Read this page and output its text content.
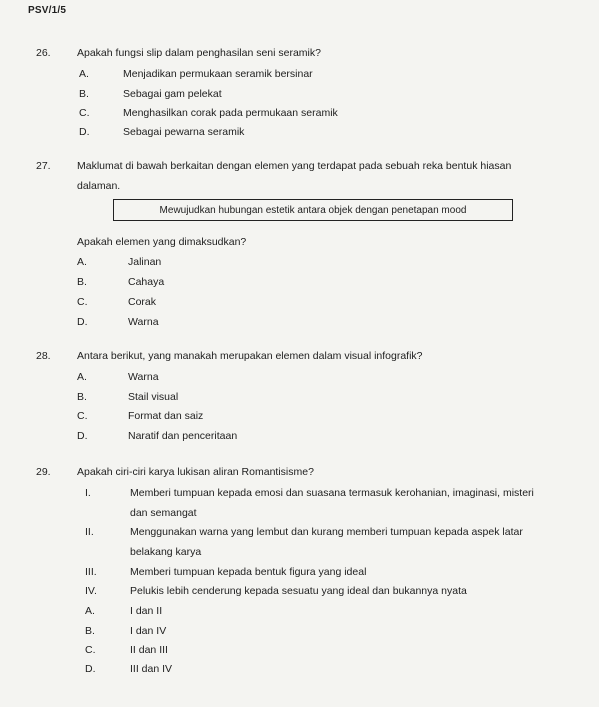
PSV/1/5
26.	Apakah fungsi slip dalam penghasilan seni seramik?
A.	Menjadikan permukaan seramik bersinar
B.	Sebagai gam pelekat
C.	Menghasilkan corak pada permukaan seramik
D.	Sebagai pewarna seramik
27.	Maklumat di bawah berkaitan dengan elemen yang terdapat pada sebuah reka bentuk hiasan
dalaman.
Mewujudkan hubungan estetik antara objek dengan penetapan mood
Apakah elemen yang dimaksudkan?
A.	Jalinan
B.	Cahaya
C.	Corak
D.	Warna
28.	Antara berikut, yang manakah merupakan elemen dalam visual infografik?
A.	Warna
B.	Stail visual
C.	Format dan saiz
D.	Naratif dan penceritaan
29.	Apakah ciri-ciri karya lukisan aliran Romantisisme?
I.	Memberi tumpuan kepada emosi dan suasana termasuk kerohanian, imaginasi, misteri
dan semangat
II.	Menggunakan warna yang lembut dan kurang memberi tumpuan kepada aspek latar
belakang karya
III.	Memberi tumpuan kepada bentuk figura yang ideal
IV.	Pelukis lebih cenderung kepada sesuatu yang ideal dan bukannya nyata
A.	I dan II
B.	I dan IV
C.	II dan III
D.	III dan IV
